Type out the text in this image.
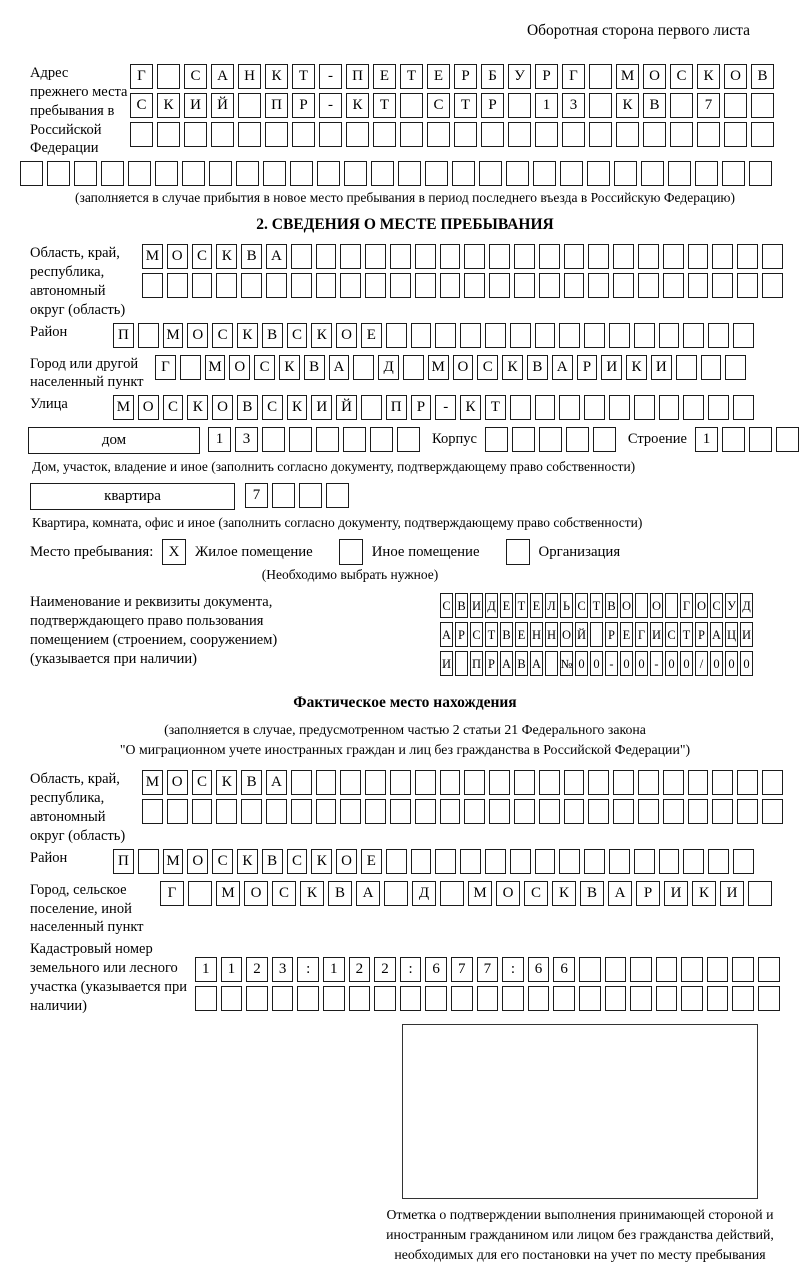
Оборотная сторона первого листа
Адрес прежнего места пребывания в Российской Федерации
Г	С	А	Н	К	Т	-	П	Е	Т	Е	Р	Б	У	Р	Г	М О	С	К	О	В
С	К	И	Й	П	Р	-	К	Т	С	Т	Р	1	3	К	В	7
(заполняется в случае прибытия в новое место пребывания в период последнего въезда в Российскую Федерацию)
2. СВЕДЕНИЯ О МЕСТЕ ПРЕБЫВАНИЯ
Область, край, республика, автономный округ (область)
М О С К В А
Район	П	М О С К В С К О Е
Город или другой населенный пункт
Г	М О С К В А	Д	М О С К В А	Р	И К И
Улица	М О С К О В С К И Й	П	Р	-	К	Т
дом	1	3	Корпус	Строение	1
Дом, участок, владение и иное (заполнить согласно документу, подтверждающему право собственности)
квартира	7
Квартира, комната, офис и иное (заполнить согласно документу, подтверждающему право собственности)
Место пребывания:	X	Жилое помещение	Иное помещение	Организация
(Необходимо выбрать нужное)
Наименование и реквизиты документа, подтверждающего право пользования помещением (строением, сооружением) (указывается при наличии)
С В И Д Е Т Е Л Ь С Т В О О Г О С У Д
А Р С Т В Е Н Н О Й Р Е Г И С Т Р А Ц И
И П Р А В А № 0 0 - 0 0 - 0 0 / 0 0 0
Фактическое место нахождения
(заполняется в случае, предусмотренном частью 2 статьи 21 Федерального закона
"О миграционном учете иностранных граждан и лиц без гражданства в Российской Федерации")
Область, край, республика, автономный округ (область)
М О С К В А
Район	П	М О С К В С К О Е
Город, сельское поселение, иной населенный пункт
Г	М	О	С	К	В	А	Д	М	О	С	К	В	А	Р	И	К	И
Кадастровый номер земельного или лесного участка (указывается при наличии)
1	1	2	3	:	1	2	2	:	6	7	7	:	6	6
Отметка о подтверждении выполнения принимающей стороной и иностранным гражданином или лицом без гражданства действий, необходимых для его постановки на учет по месту пребывания
